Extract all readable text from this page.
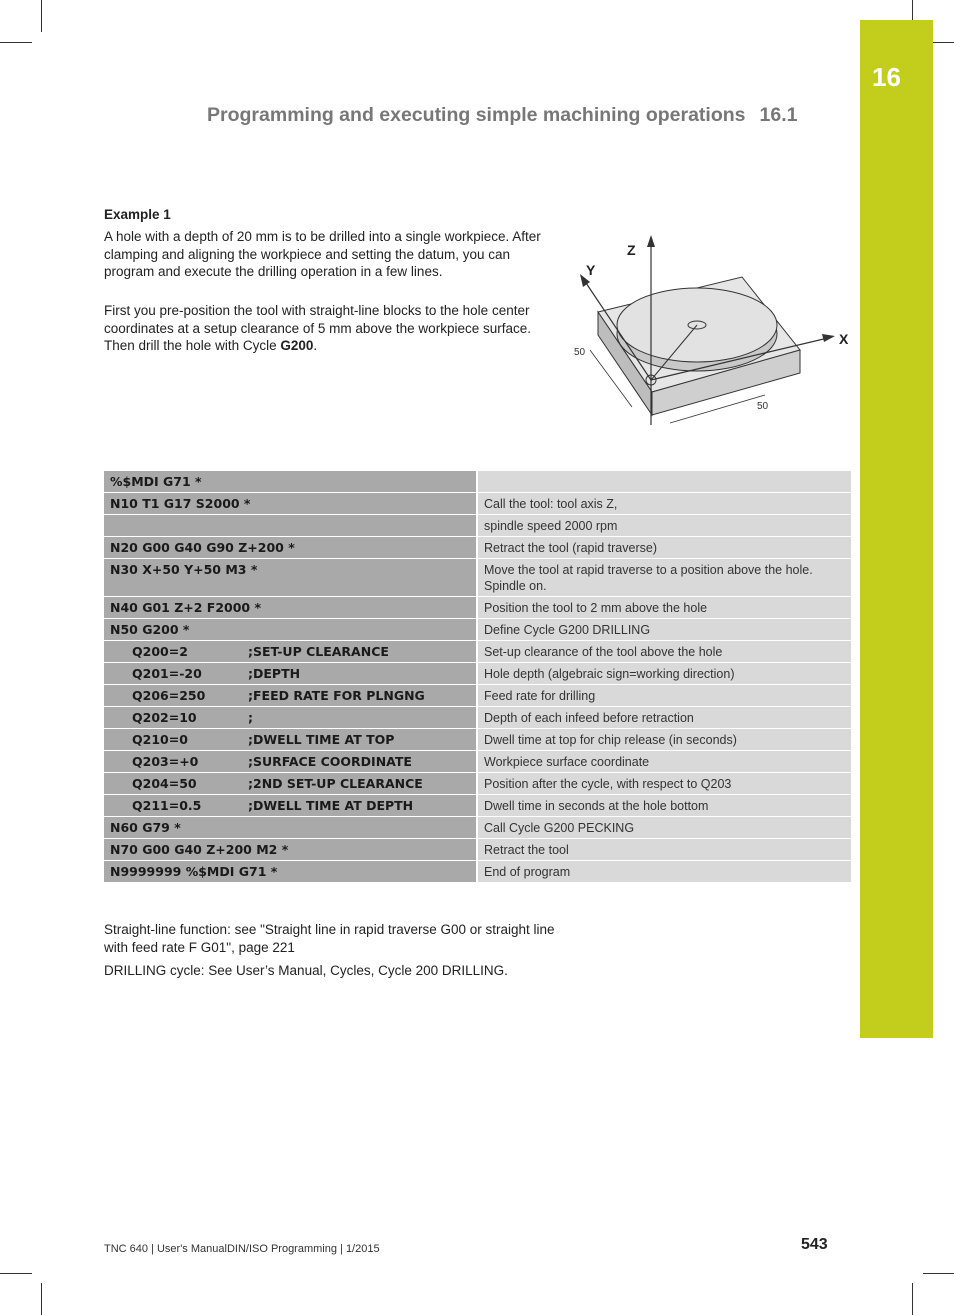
16
Programming and executing simple machining operations 16.1
Example 1
A hole with a depth of 20 mm is to be drilled into a single workpiece. After clamping and aligning the workpiece and setting the datum, you can program and execute the drilling operation in a few lines.
First you pre-position the tool with straight-line blocks to the hole center coordinates at a setup clearance of 5 mm above the workpiece surface. Then drill the hole with Cycle G200.
Z
Y
X
50
50
%$MDI G71 *	
N10 T1 G17 S2000 *	Call the tool: tool axis Z,
	spindle speed 2000 rpm
N20 G00 G40 G90 Z+200 *	Retract the tool (rapid traverse)
N30 X+50 Y+50 M3 *	Move the tool at rapid traverse to a position above the hole. Spindle on.
N40 G01 Z+2 F2000 *	Position the tool to 2 mm above the hole
N50 G200 *	Define Cycle G200 DRILLING
Q200=2 ;SET-UP CLEARANCE	Set-up clearance of the tool above the hole
Q201=-20 ;DEPTH	Hole depth (algebraic sign=working direction)
Q206=250 ;FEED RATE FOR PLNGNG	Feed rate for drilling
Q202=10 ;	Depth of each infeed before retraction
Q210=0 ;DWELL TIME AT TOP	Dwell time at top for chip release (in seconds)
Q203=+0 ;SURFACE COORDINATE	Workpiece surface coordinate
Q204=50 ;2ND SET-UP CLEARANCE	Position after the cycle, with respect to Q203
Q211=0.5 ;DWELL TIME AT DEPTH	Dwell time in seconds at the hole bottom
N60 G79 *	Call Cycle G200 PECKING
N70 G00 G40 Z+200 M2 *	Retract the tool
N9999999 %$MDI G71 *	End of program
Straight-line function: see "Straight line in rapid traverse G00 or straight line with feed rate F G01", page 221
DRILLING cycle: See User’s Manual, Cycles, Cycle 200 DRILLING.
TNC 640 | User's ManualDIN/ISO Programming | 1/2015	543
